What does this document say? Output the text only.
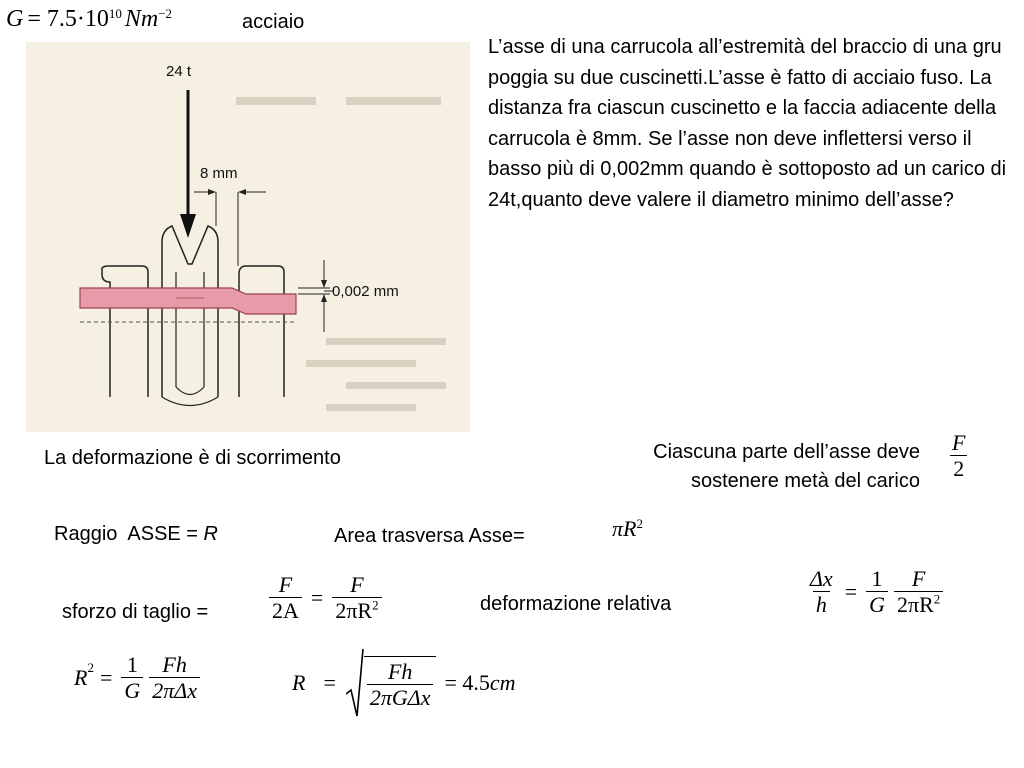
$G = 7.5\cdot 10^{10}$ $Nm^{-2}$	acciaio
24 t
8 mm
0,002 mm
L’asse di una carrucola all’estremità del braccio di una gru poggia su due cuscinetti.L’asse è fatto di acciaio fuso. La distanza fra ciascun cuscinetto e la faccia adiacente della carrucola è 8mm. Se l’asse non deve inflettersi verso il basso più di 0,002mm quando è sottoposto ad un carico di 24t,quanto deve valere il diametro minimo dell’asse?
La deformazione è di scorrimento	Ciascuna parte dell’asse deve
sostenere metà del carico $\frac{F}{2}$
Raggio  ASSE = R	Area trasversa Asse=	$\pi R^2$
sforzo di taglio =	$\frac{F}{2A} = \frac{F}{2\pi R^2}$	deformazione relativa	$\frac{\Delta x}{h} = \frac{1}{G} \frac{F}{2\pi R^2}$
$R^2 = \frac{1}{G} \frac{Fh}{\text{2πΔx}}$	$R = \frac{Fh}{\text{2πGΔx}} = 4.5$ cm
